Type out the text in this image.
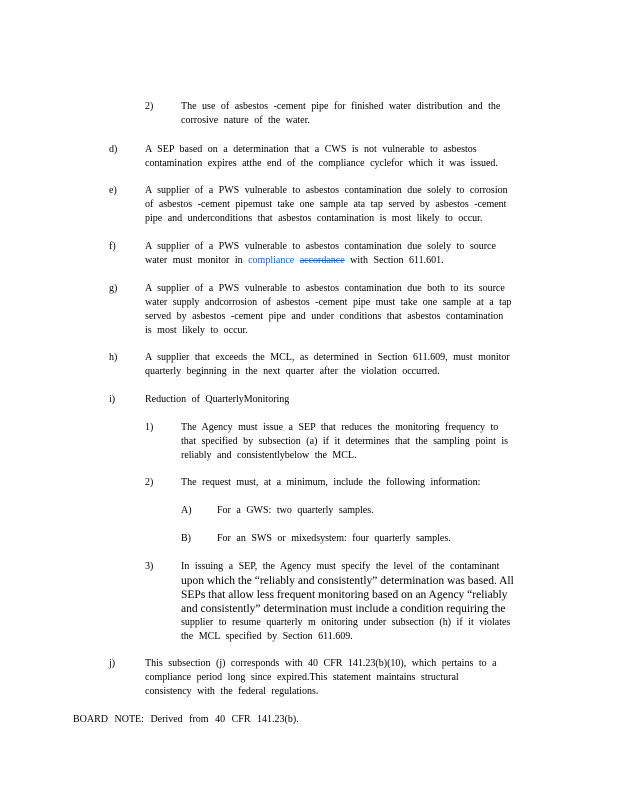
2)	The use of asbestos -cement pipe for finished water distribution and the
corrosive nature of the water.
d)	A SEP based on a determination that a CWS is not vulnerable to asbestos
contamination expires atthe end of the compliance cyclefor which it was issued.
e)	A supplier of a PWS vulnerable to asbestos contamination due solely to corrosion
of asbestos -cement pipemust take one sample ata tap served by asbestos -cement
pipe and underconditions that asbestos contamination is most likely to occur.
f)	A supplier of a PWS vulnerable to asbestos contamination due solely to source
water must monitor in compliance accordance with Section 611.601.
g)	A supplier of a PWS vulnerable to asbestos contamination due both to its source
water supply andcorrosion of asbestos -cement pipe must take one sample at a tap
served by asbestos -cement pipe and under conditions that asbestos contamination
is most likely to occur.
h)	A supplier that exceeds the MCL, as determined in Section 611.609, must monitor
quarterly beginning in the next quarter after the violation occurred.
i)	Reduction of QuarterlyMonitoring
1)	The Agency must issue a SEP that reduces the monitoring frequency to
that specified by subsection (a) if it determines that the sampling point is
reliably and consistentlybelow the MCL.
2)	The request must, at a minimum, include the following information:
A)	For a GWS: two quarterly samples.
B)	For an SWS or mixedsystem: four quarterly samples.
3)	In issuing a SEP, the Agency must specify the level of the contaminant
upon which the “reliably and consistently” determination was based. All
SEPs that allow less frequent monitoring based on an Agency “reliably
and consistently” determination must include a condition requiring the
supplier to resume quarterly m onitoring under subsection (h) if it violates
the MCL specified by Section 611.609.
j)	This subsection (j) corresponds with 40 CFR 141.23(b)(10), which pertains to a
compliance period long since expired.This statement maintains structural
consistency with the federal regulations.
BOARD NOTE: Derived from 40 CFR 141.23(b).
